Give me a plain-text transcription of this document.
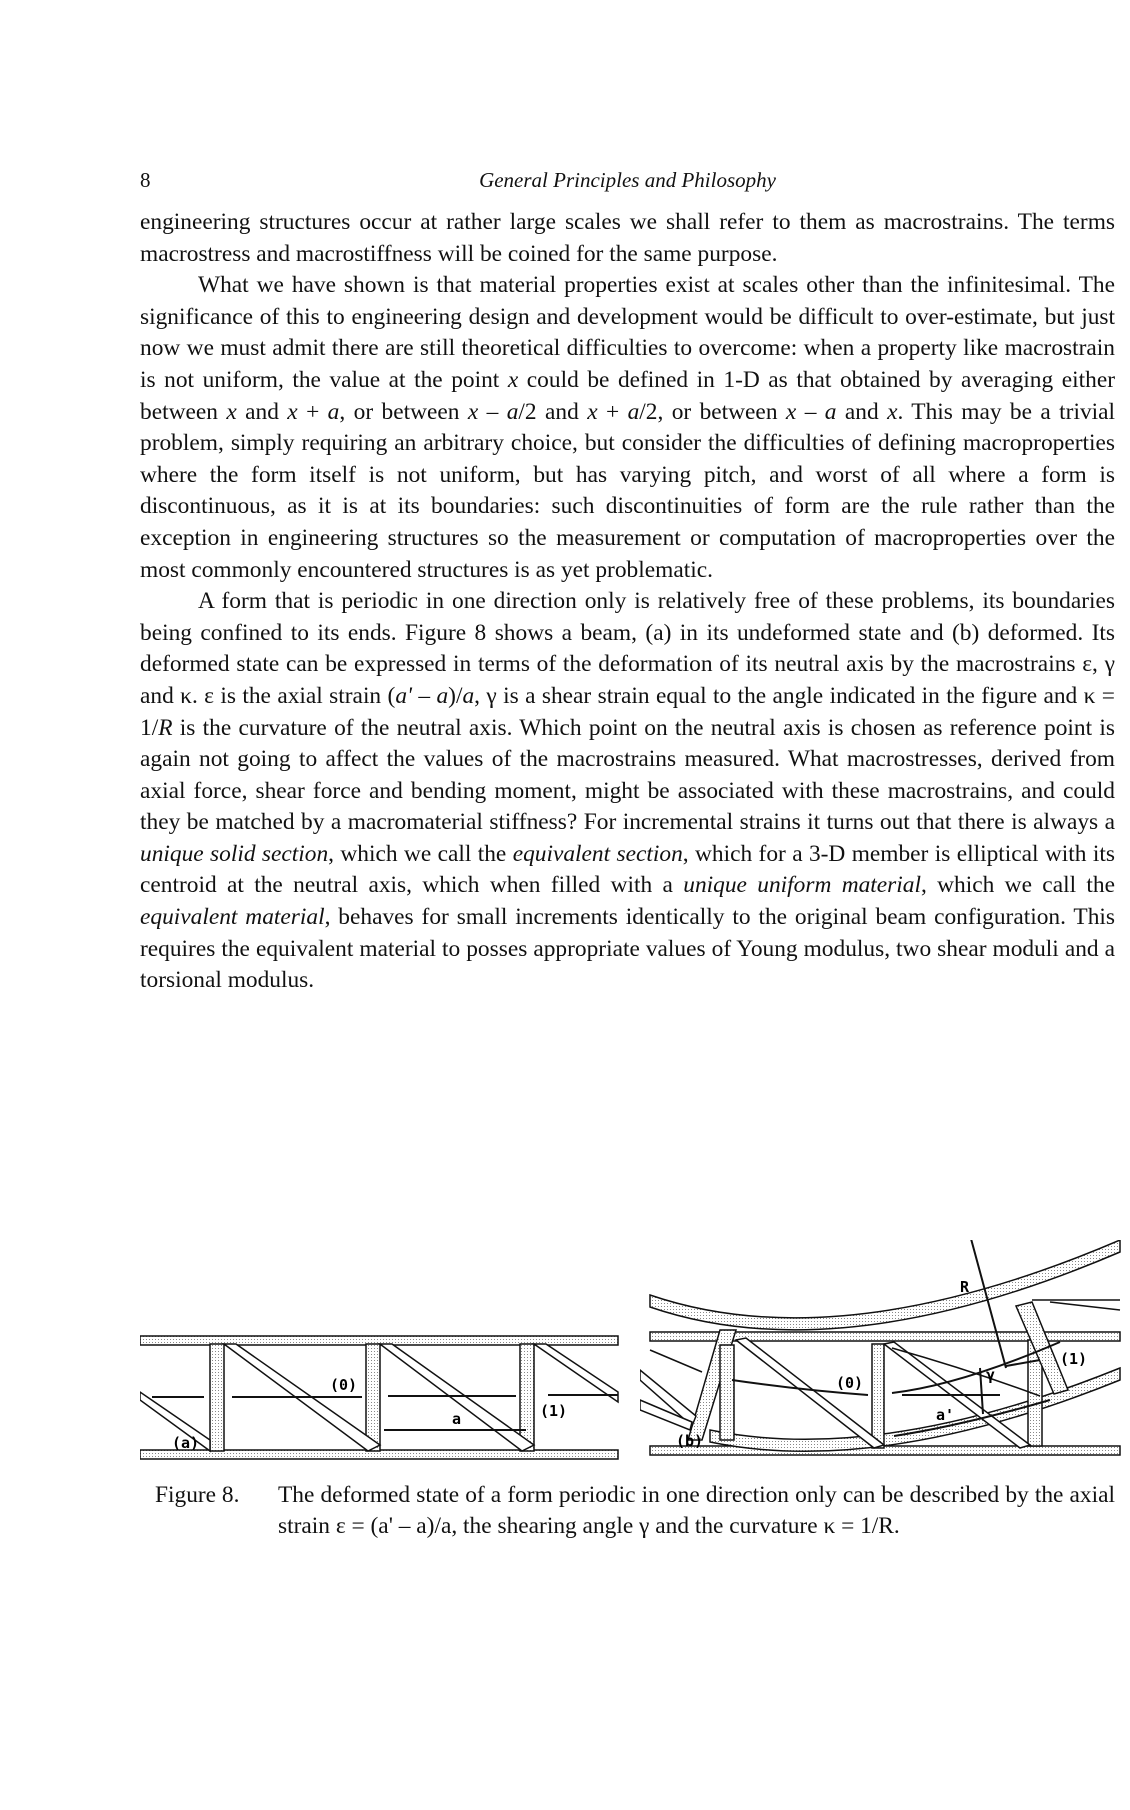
8	General Principles and Philosophy

engineering structures occur at rather large scales we shall refer to them as macrostrains. The terms macrostress and macrostiffness will be coined for the same purpose.

What we have shown is that material properties exist at scales other than the infinitesimal. The significance of this to engineering design and development would be difficult to over-estimate, but just now we must admit there are still theoretical difficulties to overcome: when a property like macrostrain is not uniform, the value at the point x could be defined in 1-D as that obtained by averaging either between x and x + a, or between x – a/2 and x + a/2, or between x – a and x. This may be a trivial problem, simply requiring an arbitrary choice, but consider the difficulties of defining macroproperties where the form itself is not uniform, but has varying pitch, and worst of all where a form is discontinuous, as it is at its boundaries: such discontinuities of form are the rule rather than the exception in engineering structures so the measurement or computation of macroproperties over the most commonly encountered structures is as yet problematic.

A form that is periodic in one direction only is relatively free of these problems, its boundaries being confined to its ends. Figure 8 shows a beam, (a) in its undeformed state and (b) deformed. Its deformed state can be expressed in terms of the deformation of its neutral axis by the macrostrains ε, γ and κ. ε is the axial strain (a' – a)/a, γ is a shear strain equal to the angle indicated in the figure and κ = 1/R is the curvature of the neutral axis. Which point on the neutral axis is chosen as reference point is again not going to affect the values of the macrostrains measured. What macrostresses, derived from axial force, shear force and bending moment, might be associated with these macrostrains, and could they be matched by a macromaterial stiffness? For incremental strains it turns out that there is always a unique solid section, which we call the equivalent section, which for a 3-D member is elliptical with its centroid at the neutral axis, which when filled with a unique uniform material, which we call the equivalent material, behaves for small increments identically to the original beam configuration. This requires the equivalent material to posses appropriate values of Young modulus, two shear moduli and a torsional modulus.

(a)
(0)
(1)
a
(b)
(0)
(1)
a'
γ
R
Figure 8. The deformed state of a form periodic in one direction only can be described by the axial strain ε = (a' – a)/a, the shearing angle γ and the curvature κ = 1/R.
